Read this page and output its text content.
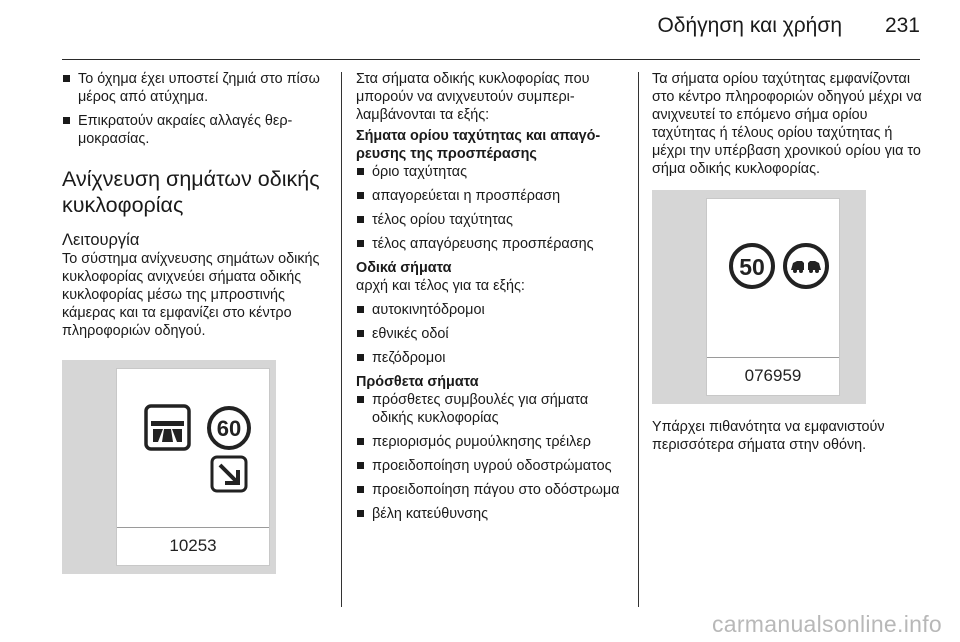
Οδήγηση και χρήση 231
Το όχημα έχει υποστεί ζημιά στο πίσω μέρος από ατύχημα.
Επικρατούν ακραίες αλλαγές θερμοκρασίας.
Ανίχνευση σημάτων οδικής κυκλοφορίας
Λειτουργία
Το σύστημα ανίχνευσης σημάτων οδικής κυκλοφορίας ανιχνεύει σήματα οδικής κυκλοφορίας μέσω της μπροστινής κάμερας και τα εμφανίζει στο κέντρο πληροφοριών οδηγού.
60
10253
Στα σήματα οδικής κυκλοφορίας που μπορούν να ανιχνευτούν συμπεριλαμβάνονται τα εξής:
Σήματα ορίου ταχύτητας και απαγόρευσης της προσπέρασης
όριο ταχύτητας
απαγορεύεται η προσπέραση
τέλος ορίου ταχύτητας
τέλος απαγόρευσης προσπέρασης
Οδικά σήματα
αρχή και τέλος για τα εξής:
αυτοκινητόδρομοι
εθνικές οδοί
πεζόδρομοι
Πρόσθετα σήματα
πρόσθετες συμβουλές για σήματα οδικής κυκλοφορίας
περιορισμός ρυμούλκησης τρέιλερ
προειδοποίηση υγρού οδοστρώματος
προειδοποίηση πάγου στο οδόστρωμα
βέλη κατεύθυνσης
Τα σήματα ορίου ταχύτητας εμφανίζονται στο κέντρο πληροφοριών οδηγού μέχρι να ανιχνευτεί το επόμενο σήμα ορίου ταχύτητας ή τέλους ορίου ταχύτητας ή μέχρι την υπέρβαση χρονικού ορίου για το σήμα οδικής κυκλοφορίας.
50
076959
Υπάρχει πιθανότητα να εμφανιστούν περισσότερα σήματα στην οθόνη.
carmanualsonline.info
